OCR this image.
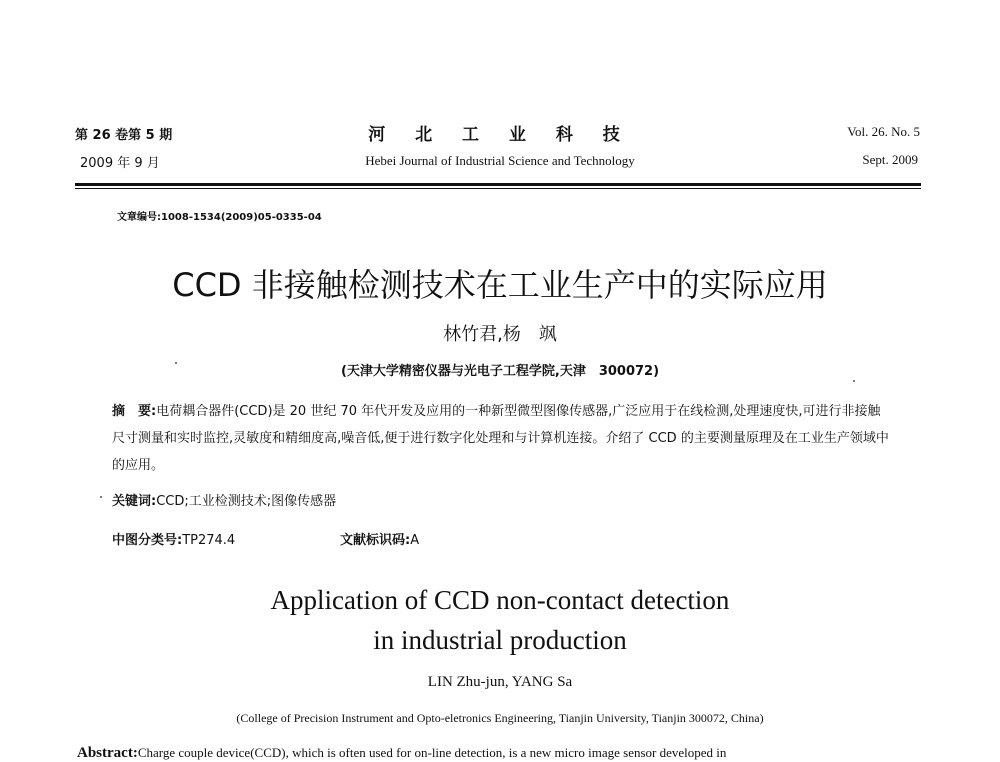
第 26 卷第 5 期
2009 年 9 月
河 北 工 业 科 技
Hebei Journal of Industrial Science and Technology
Vol. 26. No. 5
Sept. 2009
文章编号:1008-1534(2009)05-0335-04
CCD 非接触检测技术在工业生产中的实际应用
林竹君,杨　飒
(天津大学精密仪器与光电子工程学院,天津　300072)
摘　要:电荷耦合器件(CCD)是 20 世纪 70 年代开发及应用的一种新型微型图像传感器,广泛应用于在线检测,处理速度快,可进行非接触尺寸测量和实时监控,灵敏度和精细度高,噪音低,便于进行数字化处理和与计算机连接。介绍了 CCD 的主要测量原理及在工业生产领域中的应用。
关键词:CCD;工业检测技术;图像传感器
中图分类号:TP274.4	文献标识码:A
Application of CCD non-contact detection
in industrial production
LIN Zhu-jun, YANG Sa
(College of Precision Instrument and Opto-eletronics Engineering, Tianjin University, Tianjin 300072, China)
Abstract:Charge couple device(CCD), which is often used for on-line detection, is a new micro image sensor developed in
